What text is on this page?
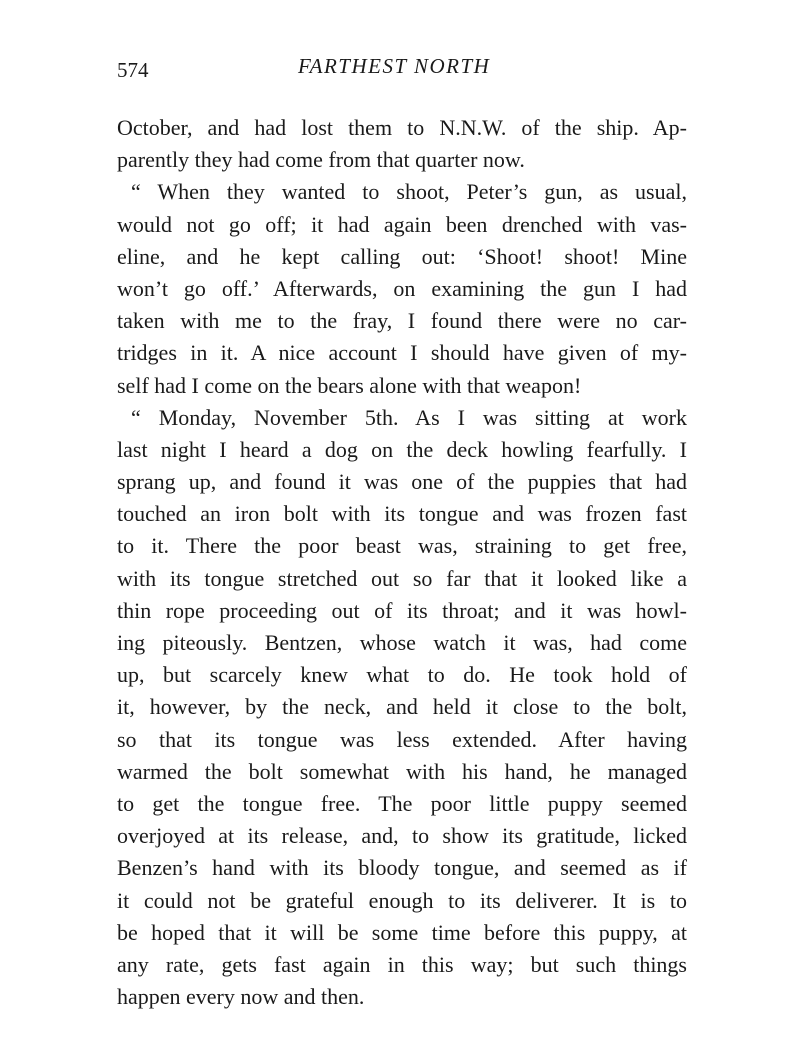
574	FARTHEST NORTH
October, and had lost them to N.N.W. of the ship. Ap-
parently they had come from that quarter now.
“ When they wanted to shoot, Peter’s gun, as usual,
would not go off; it had again been drenched with vas-
eline, and he kept calling out: ‘Shoot! shoot! Mine
won’t go off.’ Afterwards, on examining the gun I had
taken with me to the fray, I found there were no car-
tridges in it. A nice account I should have given of my-
self had I come on the bears alone with that weapon!
“ Monday, November 5th. As I was sitting at work
last night I heard a dog on the deck howling fearfully. I
sprang up, and found it was one of the puppies that had
touched an iron bolt with its tongue and was frozen fast
to it. There the poor beast was, straining to get free,
with its tongue stretched out so far that it looked like a
thin rope proceeding out of its throat; and it was howl-
ing piteously. Bentzen, whose watch it was, had come
up, but scarcely knew what to do. He took hold of
it, however, by the neck, and held it close to the bolt,
so that its tongue was less extended. After having
warmed the bolt somewhat with his hand, he managed
to get the tongue free. The poor little puppy seemed
overjoyed at its release, and, to show its gratitude, licked
Benzen’s hand with its bloody tongue, and seemed as if
it could not be grateful enough to its deliverer. It is to
be hoped that it will be some time before this puppy, at
any rate, gets fast again in this way; but such things
happen every now and then.
